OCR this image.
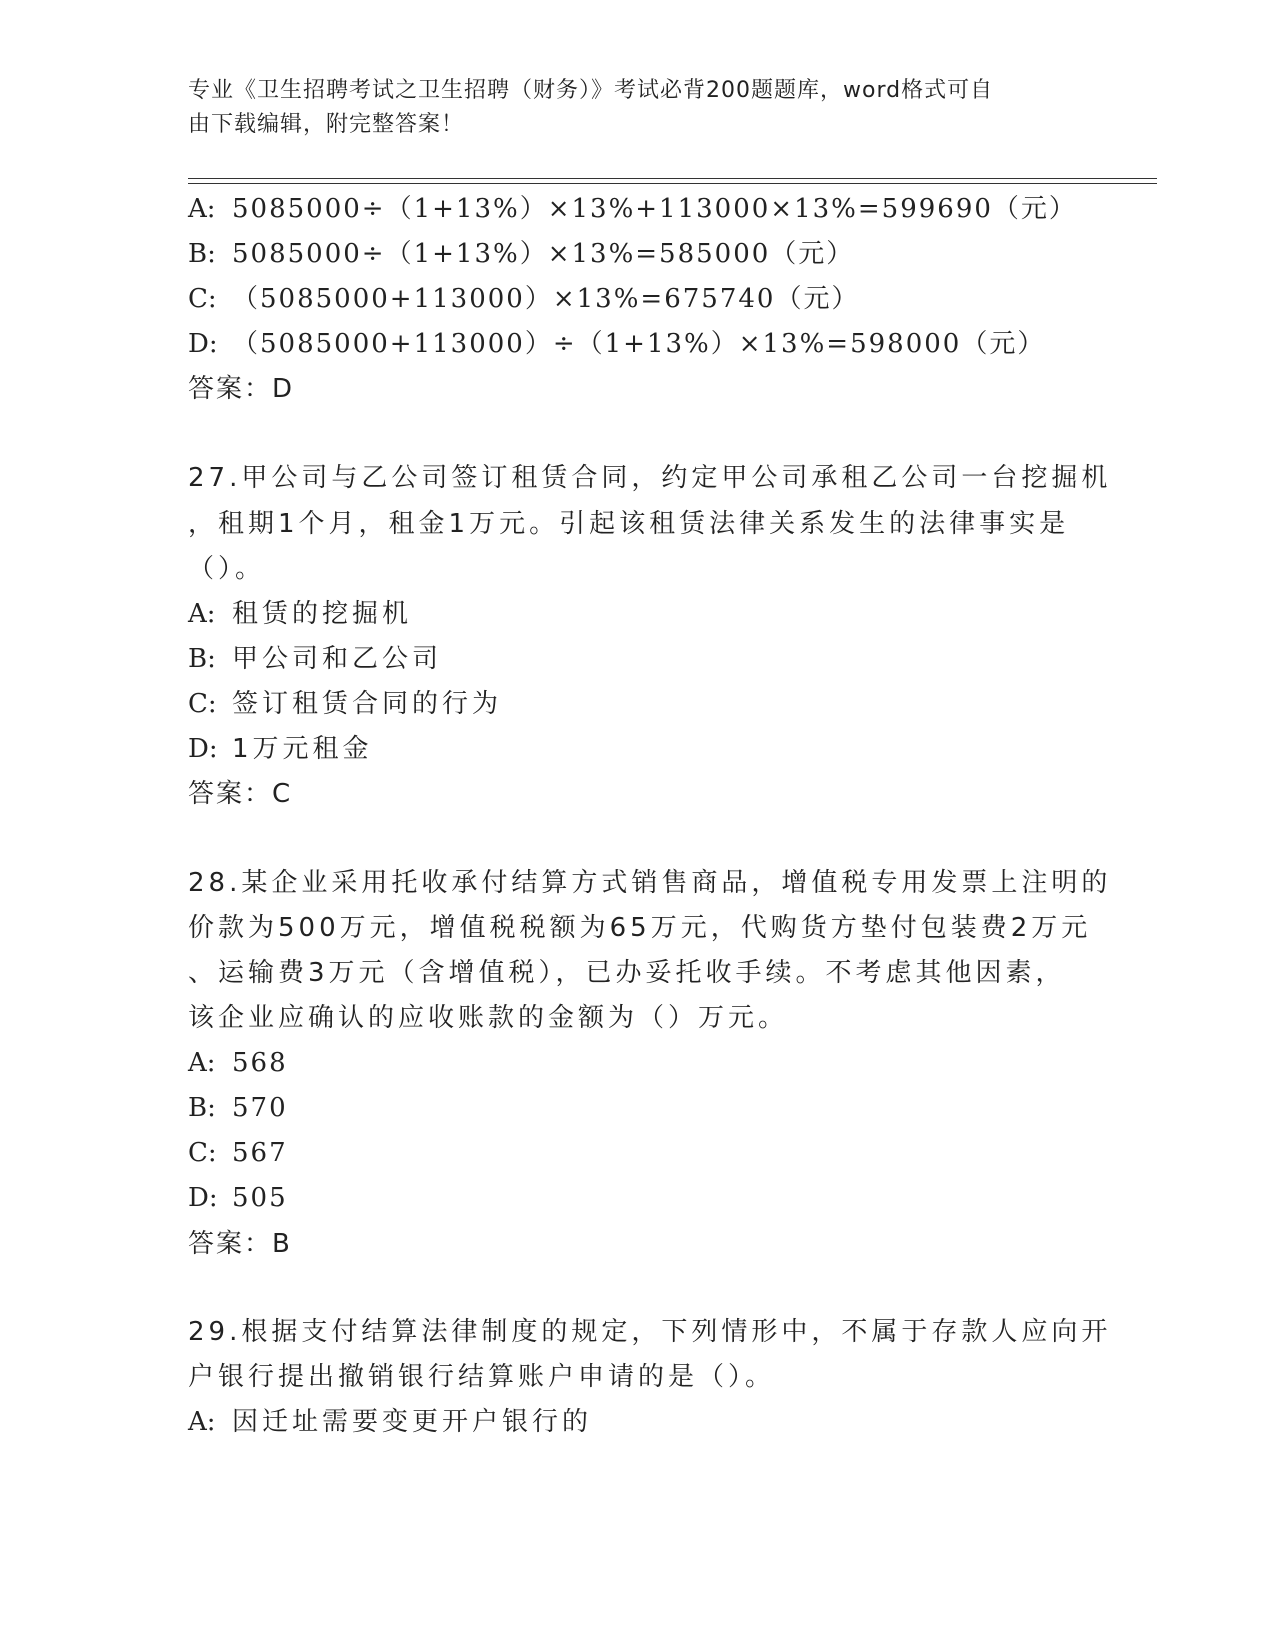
专业《卫生招聘考试之卫生招聘（财务）》考试必背200题题库，word格式可自
由下载编辑，附完整答案！
A: 5085000÷（1+13%）×13%+113000×13%=599690（元）
B: 5085000÷（1+13%）×13%=585000（元）
C: （5085000+113000）×13%=675740（元）
D: （5085000+113000）÷（1+13%）×13%=598000（元）
答案：D
27.甲公司与乙公司签订租赁合同，约定甲公司承租乙公司一台挖掘机
，租期1个月，租金1万元。引起该租赁法律关系发生的法律事实是
（）。
A: 租赁的挖掘机
B: 甲公司和乙公司
C: 签订租赁合同的行为
D: 1万元租金
答案：C
28.某企业采用托收承付结算方式销售商品，增值税专用发票上注明的
价款为500万元，增值税税额为65万元，代购货方垫付包装费2万元
、运输费3万元（含增值税），已办妥托收手续。不考虑其他因素，
该企业应确认的应收账款的金额为（）万元。
A: 568
B: 570
C: 567
D: 505
答案：B
29.根据支付结算法律制度的规定，下列情形中，不属于存款人应向开
户银行提出撤销银行结算账户申请的是（）。
A: 因迁址需要变更开户银行的
